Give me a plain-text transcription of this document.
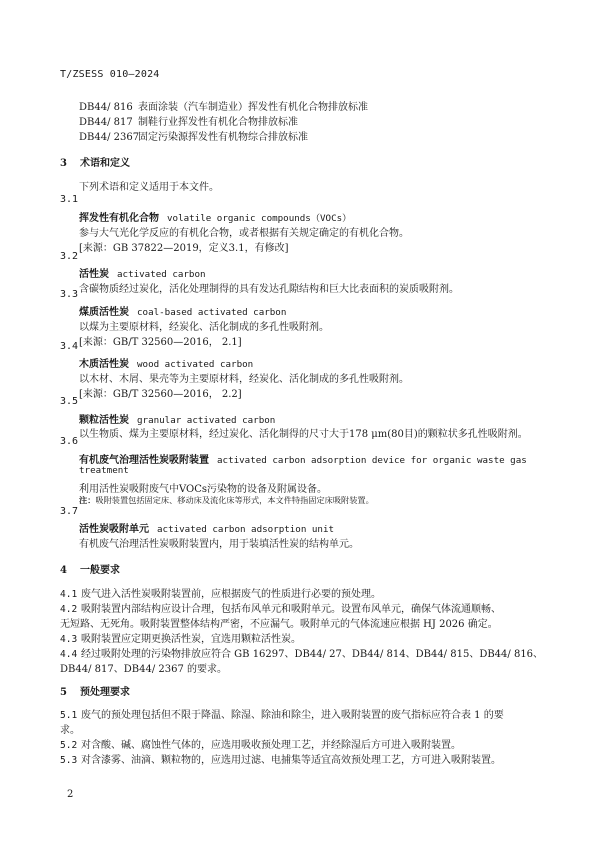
T/ZSESS 010—2024
DB44/ 816 表面涂装（汽车制造业）挥发性有机化合物排放标准
DB44/ 817 制鞋行业挥发性有机化合物排放标准
DB44/ 2367固定污染源挥发性有机物综合排放标准
3 术语和定义
下列术语和定义适用于本文件。
3.1
挥发性有机化合物 volatile organic compounds（VOCs）
参与大气光化学反应的有机化合物，或者根据有关规定确定的有机化合物。
[来源：GB 37822—2019，定义3.1，有修改]
3.2
活性炭 activated carbon
含碳物质经过炭化，活化处理制得的具有发达孔隙结构和巨大比表面积的炭质吸附剂。
3.3
煤质活性炭 coal-based activated carbon
以煤为主要原材料，经炭化、活化制成的多孔性吸附剂。
[来源：GB/T 32560—2016， 2.1]
3.4
木质活性炭 wood activated carbon
以木材、木屑、果壳等为主要原材料，经炭化、活化制成的多孔性吸附剂。
[来源：GB/T 32560—2016， 2.2]
3.5
颗粒活性炭 granular activated carbon
以生物质、煤为主要原材料，经过炭化、活化制得的尺寸大于178 μm(80目)的颗粒状多孔性吸附剂。
3.6
有机废气治理活性炭吸附装置 activated carbon adsorption device for organic waste gas
treatment
利用活性炭吸附废气中VOCs污染物的设备及附属设备。
注：吸附装置包括固定床、移动床及流化床等形式，本文件特指固定床吸附装置。
3.7
活性炭吸附单元 activated carbon adsorption unit
有机废气治理活性炭吸附装置内，用于装填活性炭的结构单元。
4 一般要求
4.1 废气进入活性炭吸附装置前，应根据废气的性质进行必要的预处理。
4.2 吸附装置内部结构应设计合理，包括布风单元和吸附单元。设置布风单元，确保气体流通顺畅、
无短路、无死角。吸附装置整体结构严密，不应漏气。吸附单元的气体流速应根据 HJ 2026 确定。
4.3 吸附装置应定期更换活性炭，宜选用颗粒活性炭。
4.4 经过吸附处理的污染物排放应符合 GB 16297、DB44/ 27、DB44/ 814、DB44/ 815、DB44/ 816、
DB44/ 817、DB44/ 2367 的要求。
5 预处理要求
5.1 废气的预处理包括但不限于降温、除湿、除油和除尘，进入吸附装置的废气指标应符合表 1 的要
求。
5.2 对含酸、碱、腐蚀性气体的，应选用吸收预处理工艺，并经除湿后方可进入吸附装置。
5.3 对含漆雾、油滴、颗粒物的，应选用过滤、电捕集等适宜高效预处理工艺，方可进入吸附装置。
2
